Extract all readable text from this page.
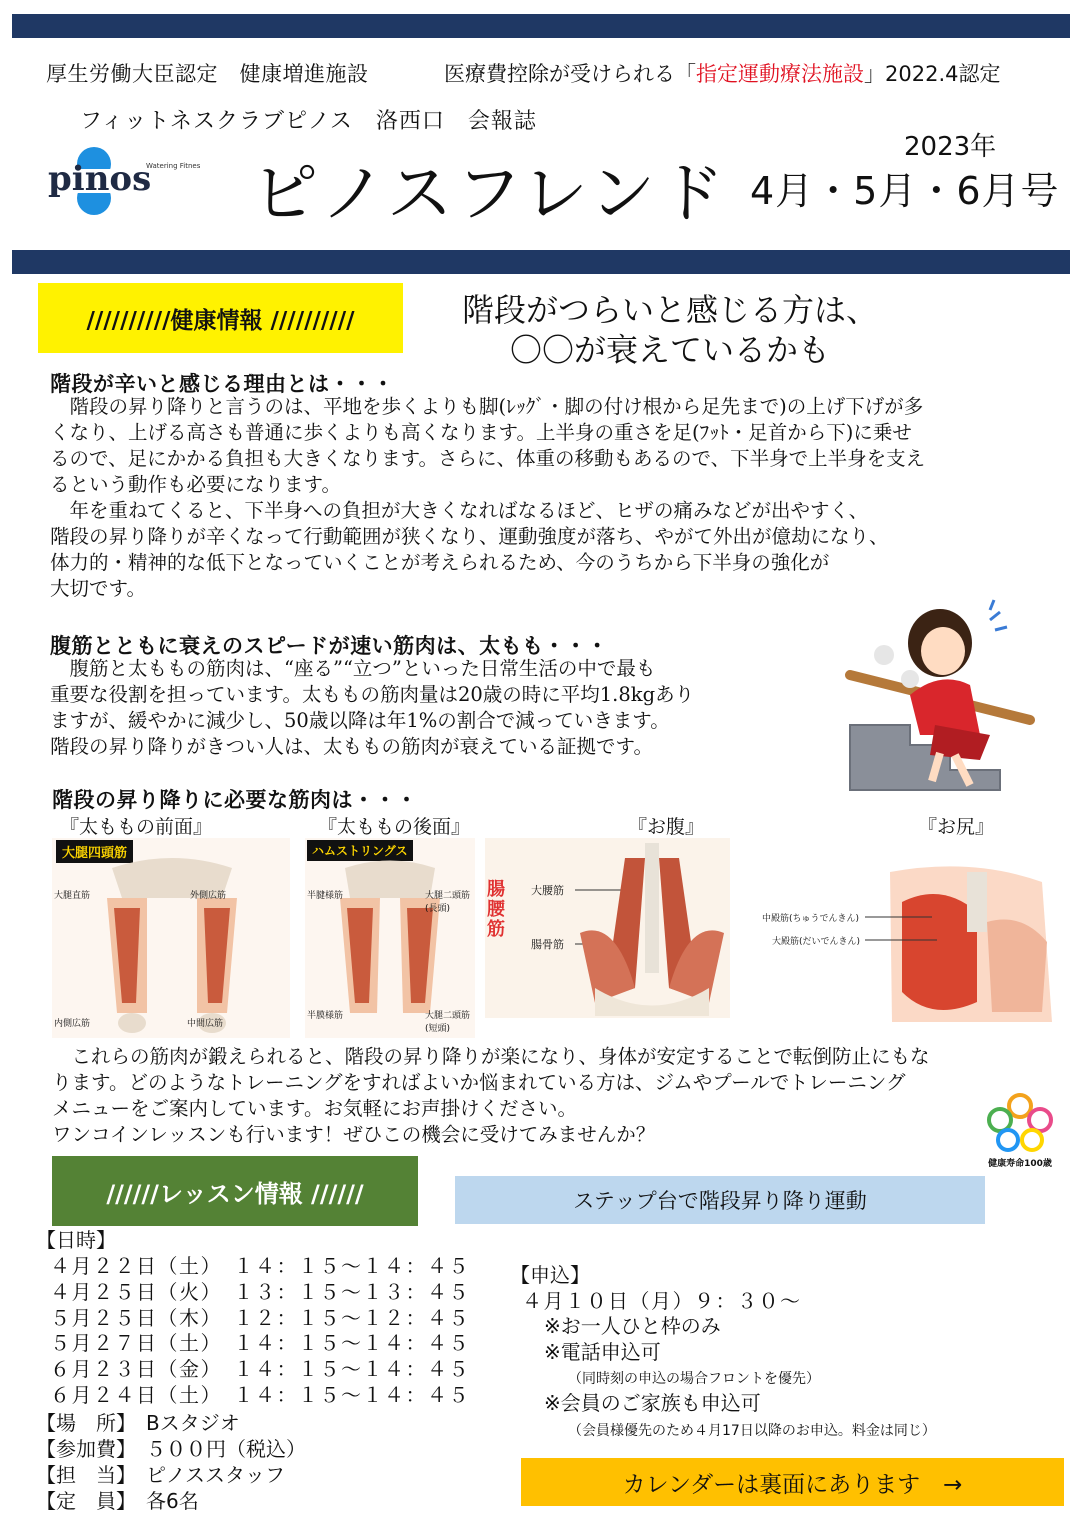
厚生労働大臣認定　健康増進施設	医療費控除が受けられる「指定運動療法施設」2022.4認定
フィットネスクラブピノス　洛西口　会報誌
pinos
Watering Fitness ピノスフレンド
2023年
4月・5月・6月号
//////////健康情報 //////////	階段がつらいと感じる方は、
〇〇が衰えているかも
階段が辛いと感じる理由とは・・・
　階段の昇り降りと言うのは、平地を歩くよりも脚(ﾚｯｸﾞ・脚の付け根から足先まで)の上げ下げが多
くなり、上げる高さも普通に歩くよりも高くなります。上半身の重さを足(ﾌｯﾄ・足首から下)に乗せ
るので、足にかかる負担も大きくなります。さらに、体重の移動もあるので、下半身で上半身を支え
るという動作も必要になります。
　年を重ねてくると、下半身への負担が大きくなればなるほど、ヒザの痛みなどが出やすく、
階段の昇り降りが辛くなって行動範囲が狭くなり、運動強度が落ち、やがて外出が億劫になり、
体力的・精神的な低下となっていくことが考えられるため、今のうちから下半身の強化が
大切です。
腹筋とともに衰えのスピードが速い筋肉は、太もも・・・
　腹筋と太ももの筋肉は、“座る”“立つ”といった日常生活の中で最も
重要な役割を担っています。太ももの筋肉量は20歳の時に平均1.8kgあり
ますが、緩やかに減少し、50歳以降は年1%の割合で減っていきます。
階段の昇り降りがきつい人は、太ももの筋肉が衰えている証拠です。
階段の昇り降りに必要な筋肉は・・・
『太ももの前面』	『太ももの後面』	『お腹』	『お尻』
大腿四頭筋
大腿直筋	外側広筋
内側広筋	中間広筋
ハムストリングス
半腱様筋	大腿二頭筋(長頭)
半膜様筋	大腿二頭筋(短頭)
腸腰筋
大腰筋
腸骨筋
中殿筋(ちゅうでんきん)
大殿筋(だいでんきん)
　これらの筋肉が鍛えられると、階段の昇り降りが楽になり、身体が安定することで転倒防止にもな
ります。どのようなトレーニングをすればよいか悩まれている方は、ジムやプールでトレーニング
メニューをご案内しています。お気軽にお声掛けください。
ワンコインレッスンも行います！ぜひこの機会に受けてみませんか？
健康寿命100歳
//////レッスン情報 //////	ステップ台で階段昇り降り運動
【日時】
４月２２日（土）　１４：１５～１４：４５
４月２５日（火）　１３：１５～１３：４５
５月２５日（木）　１２：１５～１２：４５
５月２７日（土）　１４：１５～１４：４５
６月２３日（金）　１４：１５～１４：４５
６月２４日（土）　１４：１５～１４：４５
【場　所】　Bスタジオ
【参加費】　５００円（税込）
【担　当】　ピノススタッフ
【定　員】　各6名
【申込】
４月１０日（月）９：３０～
※お一人ひと枠のみ
※電話申込可
（同時刻の申込の場合フロントを優先）
※会員のご家族も申込可
（会員様優先のため４月17日以降のお申込。料金は同じ）
カレンダーは裏面にあります　→
